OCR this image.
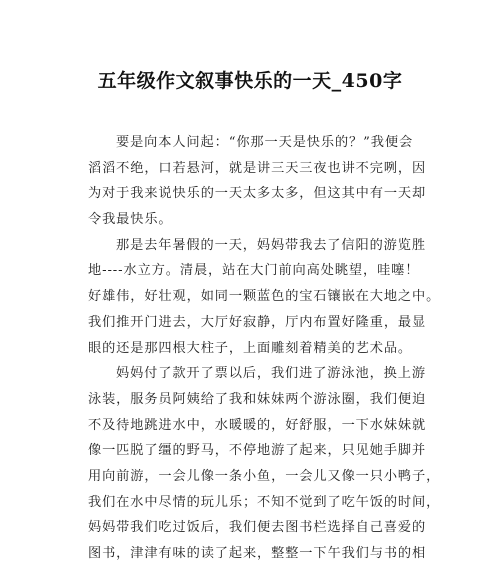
五年级作文叙事快乐的一天_450字
要是向本人问起：“你那一天是快乐的？”我便会
滔滔不绝，口若悬河，就是讲三天三夜也讲不完咧，因
为对于我来说快乐的一天太多太多，但这其中有一天却
令我最快乐。
那是去年暑假的一天，妈妈带我去了信阳的游览胜
地----水立方。清晨，站在大门前向高处眺望，哇噻！
好雄伟，好壮观，如同一颗蓝色的宝石镶嵌在大地之中。
我们推开门进去，大厅好寂静，厅内布置好隆重，最显
眼的还是那四根大柱子，上面雕刻着精美的艺术品。
妈妈付了款开了票以后，我们进了游泳池，换上游
泳装，服务员阿姨给了我和妹妹两个游泳圈，我们便迫
不及待地跳进水中，水暖暖的，好舒服，一下水妹妹就
像一匹脱了缰的野马，不停地游了起来，只见她手脚并
用向前游，一会儿像一条小鱼，一会儿又像一只小鸭子，
我们在水中尽情的玩儿乐；不知不觉到了吃午饭的时间，
妈妈带我们吃过饭后，我们便去图书栏选择自己喜爱的
图书，津津有味的读了起来，整整一下午我们与书的相
